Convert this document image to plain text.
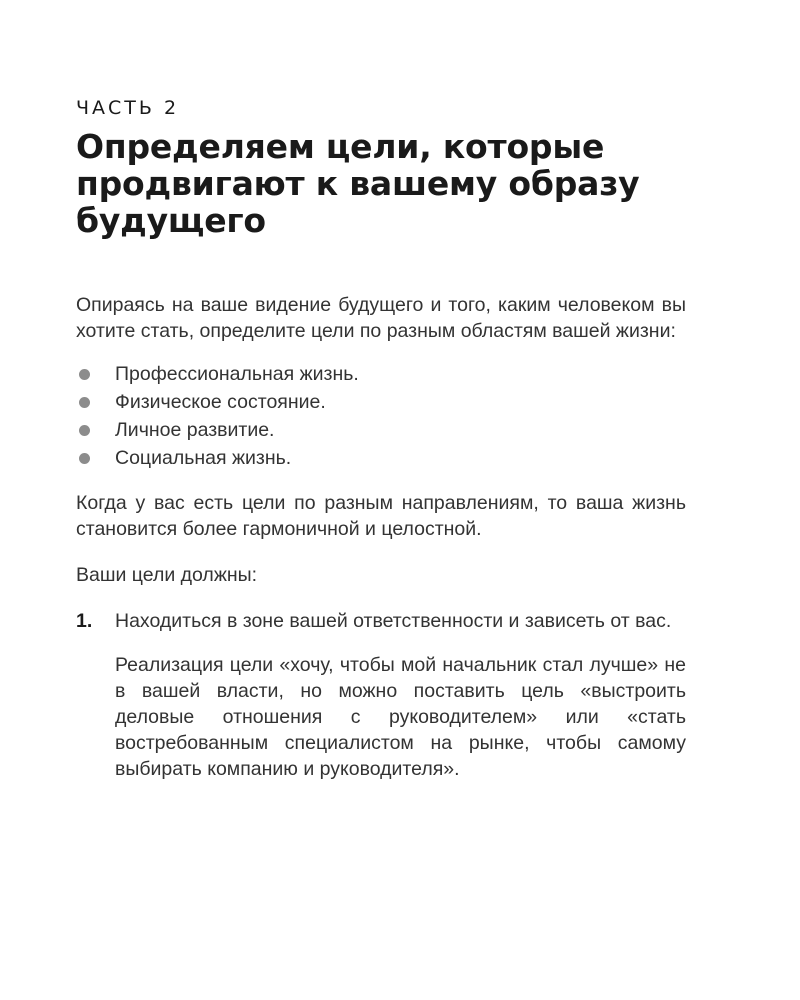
ЧАСТЬ 2

Определяем цели, которые продвигают к вашему образу будущего

Опираясь на ваше видение будущего и того, каким человеком вы хотите стать, определите цели по разным областям вашей жизни:

Профессиональная жизнь.
Физическое состояние.
Личное развитие.
Социальная жизнь.

Когда у вас есть цели по разным направлениям, то ваша жизнь становится более гармоничной и целостной.

Ваши цели должны:

1. Находиться в зоне вашей ответственности и зависеть от вас.

Реализация цели «хочу, чтобы мой начальник стал лучше» не в вашей власти, но можно поставить цель «выстроить деловые отношения с руководителем» или «стать востребованным специалистом на рынке, чтобы самому выбирать компанию и руководителя».
